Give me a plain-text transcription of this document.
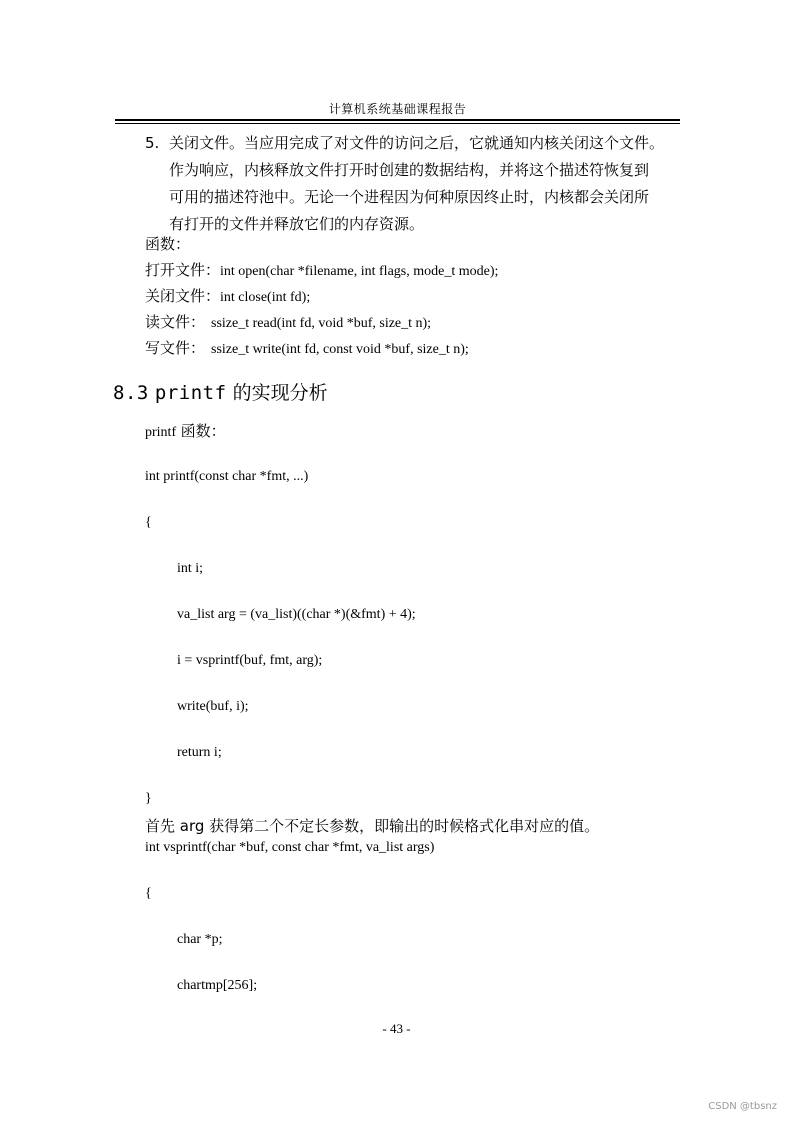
计算机系统基础课程报告
5. 关闭文件。当应用完成了对文件的访问之后，它就通知内核关闭这个文件。
作为响应，内核释放文件打开时创建的数据结构，并将这个描述符恢复到
可用的描述符池中。无论一个进程因为何种原因终止时，内核都会关闭所
有打开的文件并释放它们的内存资源。
函数：
打开文件：int open(char *filename, int flags, mode_t mode);
关闭文件：int close(int fd);
读文件： ssize_t read(int fd, void *buf, size_t n);
写文件： ssize_t write(int fd, const void *buf, size_t n);
8.3 printf 的实现分析
printf 函数：
int printf(const char *fmt, ...)
{
int i;
va_list arg = (va_list)((char *)(&fmt) + 4);
i = vsprintf(buf, fmt, arg);
write(buf, i);
return i;
}
首先 arg 获得第二个不定长参数，即输出的时候格式化串对应的值。
int vsprintf(char *buf, const char *fmt, va_list args)
{
char *p;
chartmp[256];
- 43 -
CSDN @tbsnz
